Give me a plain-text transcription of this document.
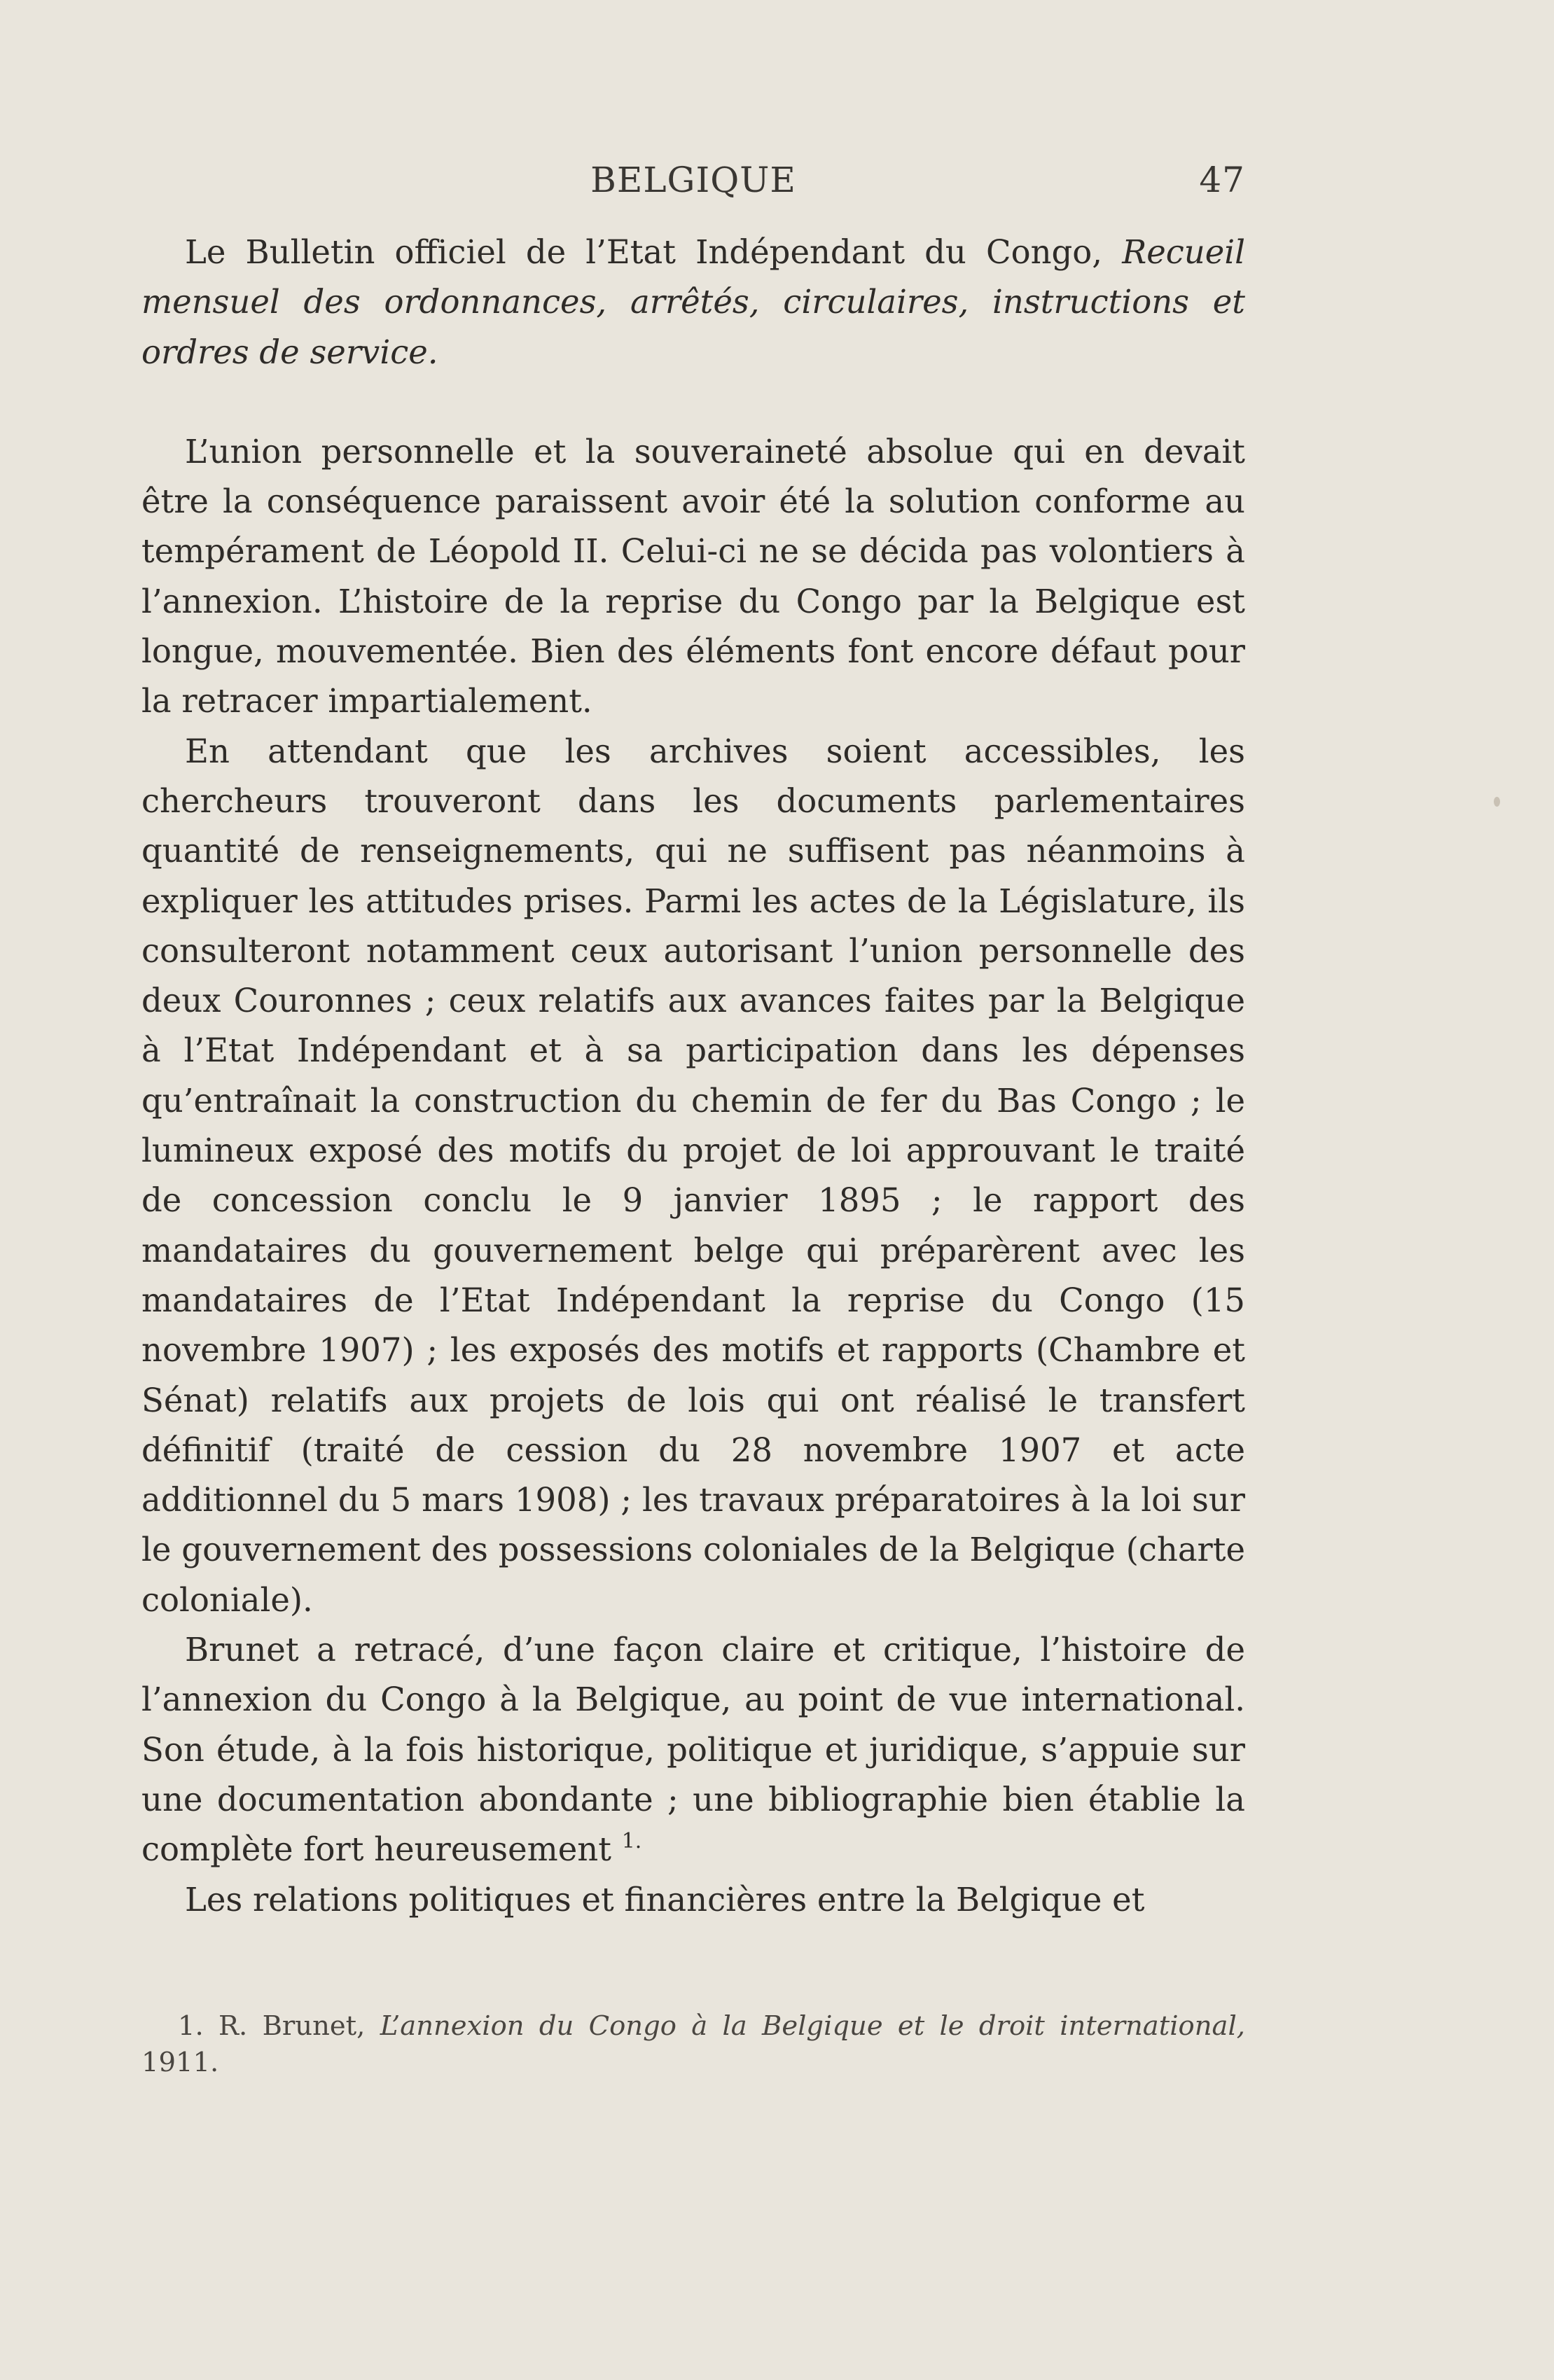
BELGIQUE	47

Le Bulletin officiel de l’Etat Indépendant du Congo, Recueil mensuel des ordonnances, arrêtés, circulaires, instructions et ordres de service.

L’union personnelle et la souveraineté absolue qui en devait être la conséquence paraissent avoir été la solution conforme au tempérament de Léopold II. Celui-ci ne se décida pas volontiers à l’annexion. L’histoire de la reprise du Congo par la Belgique est longue, mouvementée. Bien des éléments font encore défaut pour la retracer impartialement.

En attendant que les archives soient accessibles, les chercheurs trouveront dans les documents parlementaires quantité de renseignements, qui ne suffisent pas néanmoins à expliquer les attitudes prises. Parmi les actes de la Législature, ils consulteront notamment ceux autorisant l’union personnelle des deux Couronnes ; ceux relatifs aux avances faites par la Belgique à l’Etat Indépendant et à sa participation dans les dépenses qu’entraînait la construction du chemin de fer du Bas Congo ; le lumineux exposé des motifs du projet de loi approuvant le traité de concession conclu le 9 janvier 1895 ; le rapport des mandataires du gouvernement belge qui préparèrent avec les mandataires de l’Etat Indépendant la reprise du Congo (15 novembre 1907) ; les exposés des motifs et rapports (Chambre et Sénat) relatifs aux projets de lois qui ont réalisé le transfert définitif (traité de cession du 28 novembre 1907 et acte additionnel du 5 mars 1908) ; les travaux préparatoires à la loi sur le gouvernement des possessions coloniales de la Belgique (charte coloniale).

Brunet a retracé, d’une façon claire et critique, l’histoire de l’annexion du Congo à la Belgique, au point de vue international. Son étude, à la fois historique, politique et juridique, s’appuie sur une documentation abondante ; une bibliographie bien établie la complète fort heureusement $^{1.}$

Les relations politiques et financières entre la Belgique et

1. R. Brunet, L’annexion du Congo à la Belgique et le droit international, 1911.
